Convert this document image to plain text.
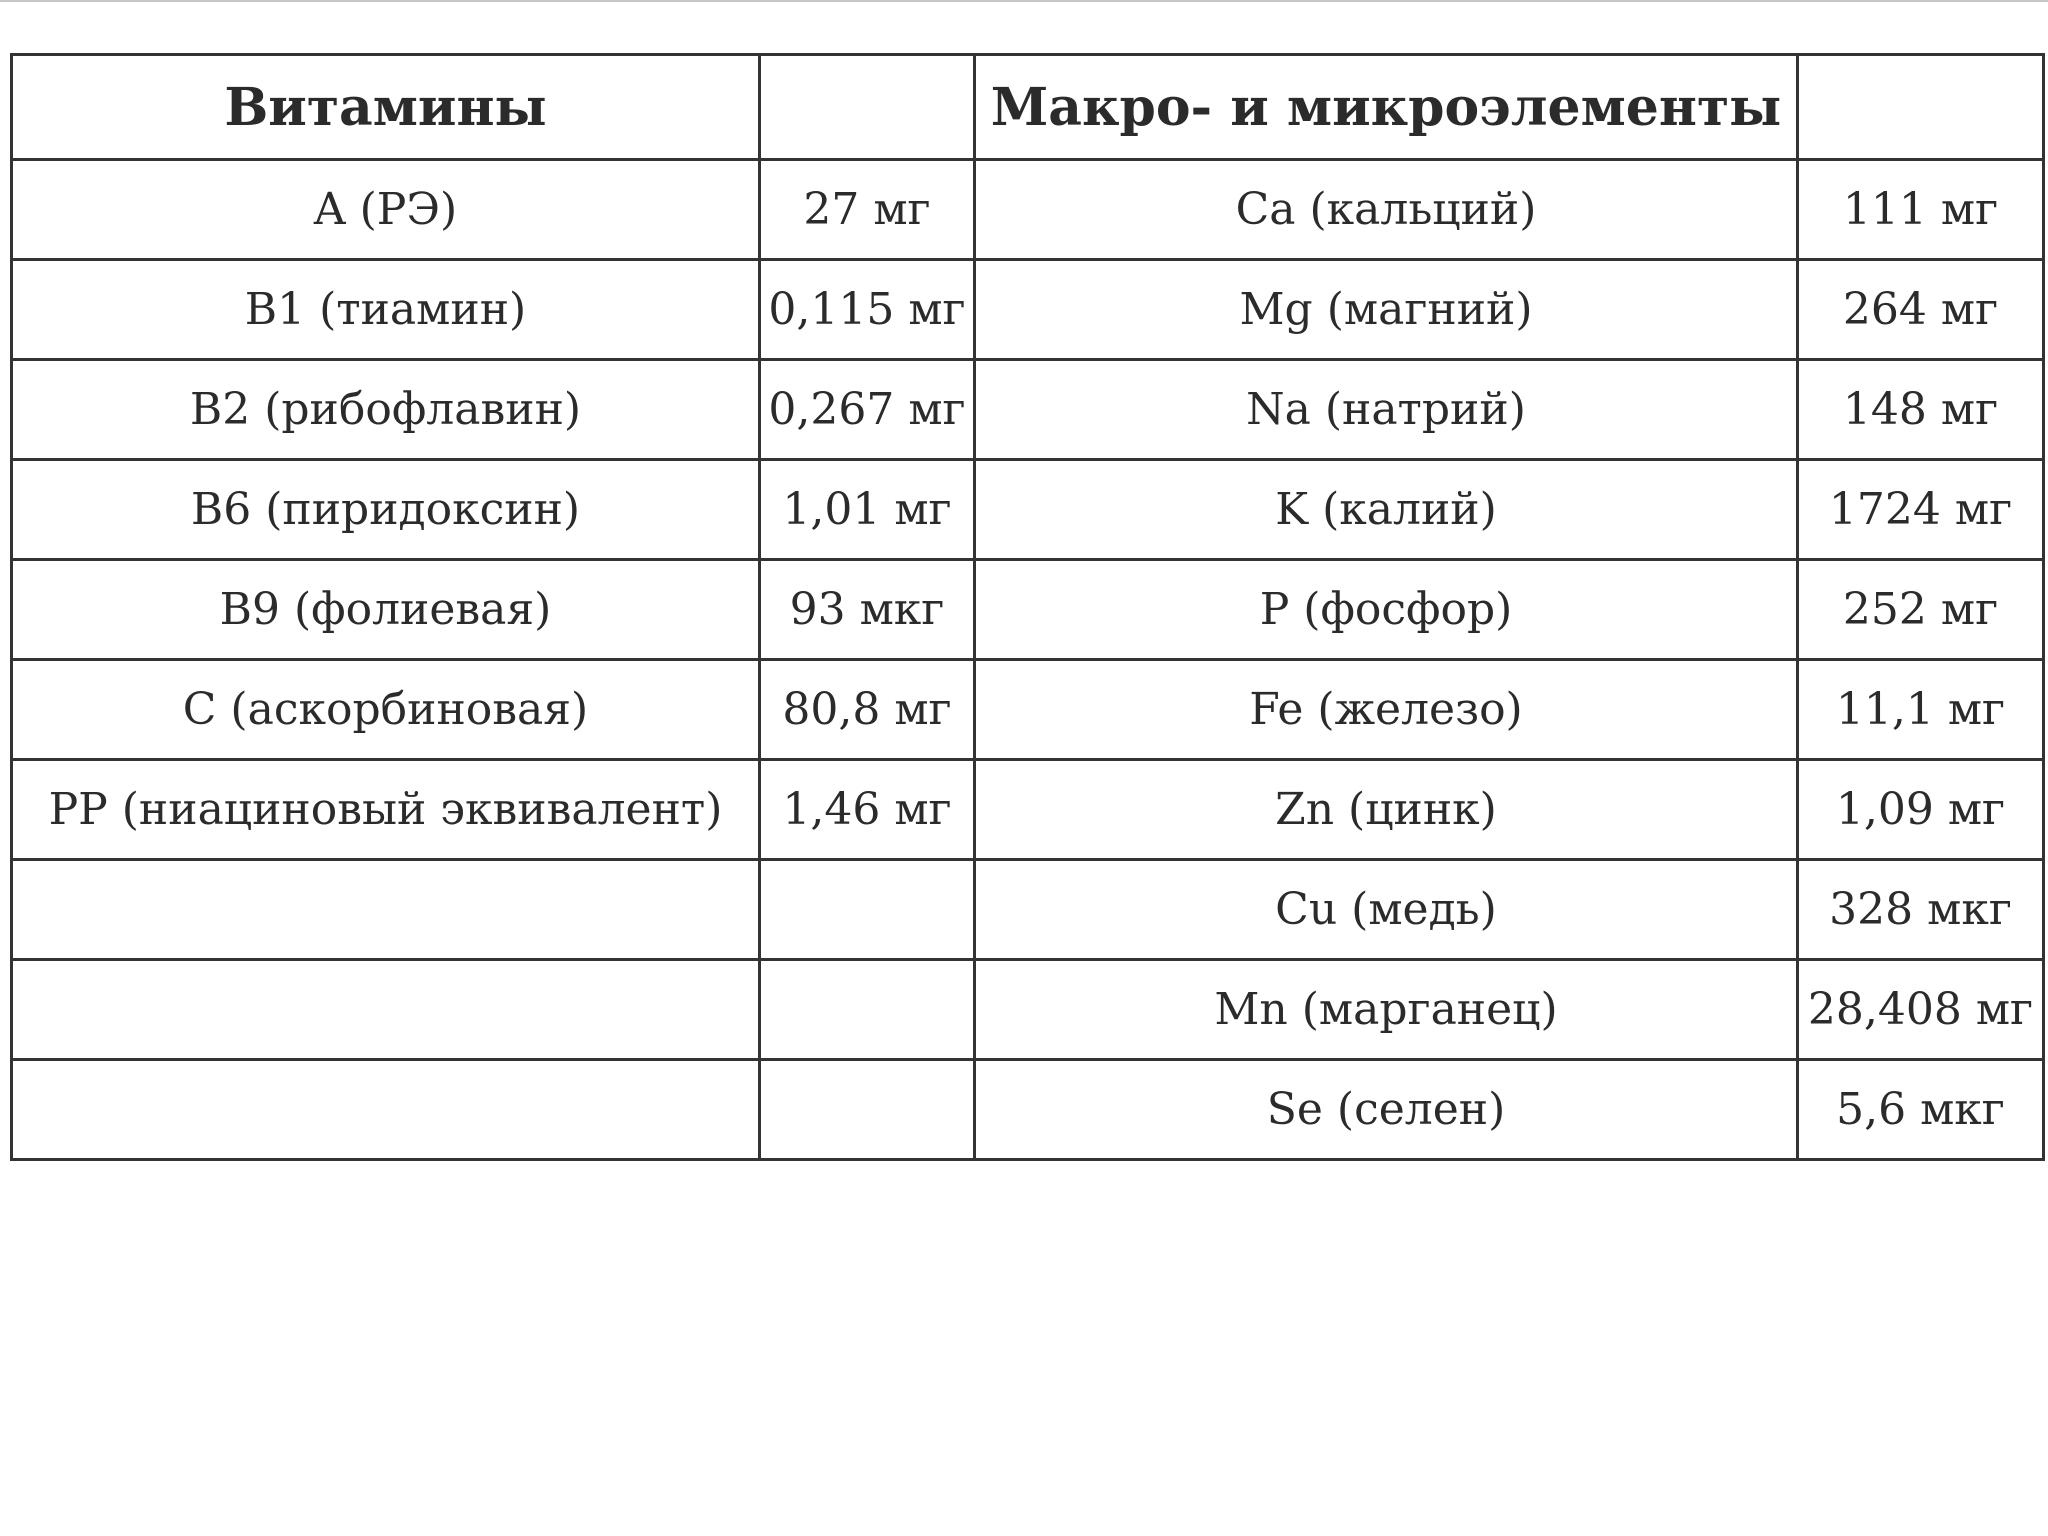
Витамины		Макро- и микроэлементы	
A (РЭ)	27 мг	Ca (кальций)	111 мг
B1 (тиамин)	0,115 мг	Mg (магний)	264 мг
B2 (рибофлавин)	0,267 мг	Na (натрий)	148 мг
B6 (пиридоксин)	1,01 мг	K (калий)	1724 мг
B9 (фолиевая)	93 мкг	P (фосфор)	252 мг
C (аскорбиновая)	80,8 мг	Fe (железо)	11,1 мг
PP (ниациновый эквивалент)	1,46 мг	Zn (цинк)	1,09 мг
		Cu (медь)	328 мкг
		Mn (марганец)	28,408 мг
		Se (селен)	5,6 мкг
